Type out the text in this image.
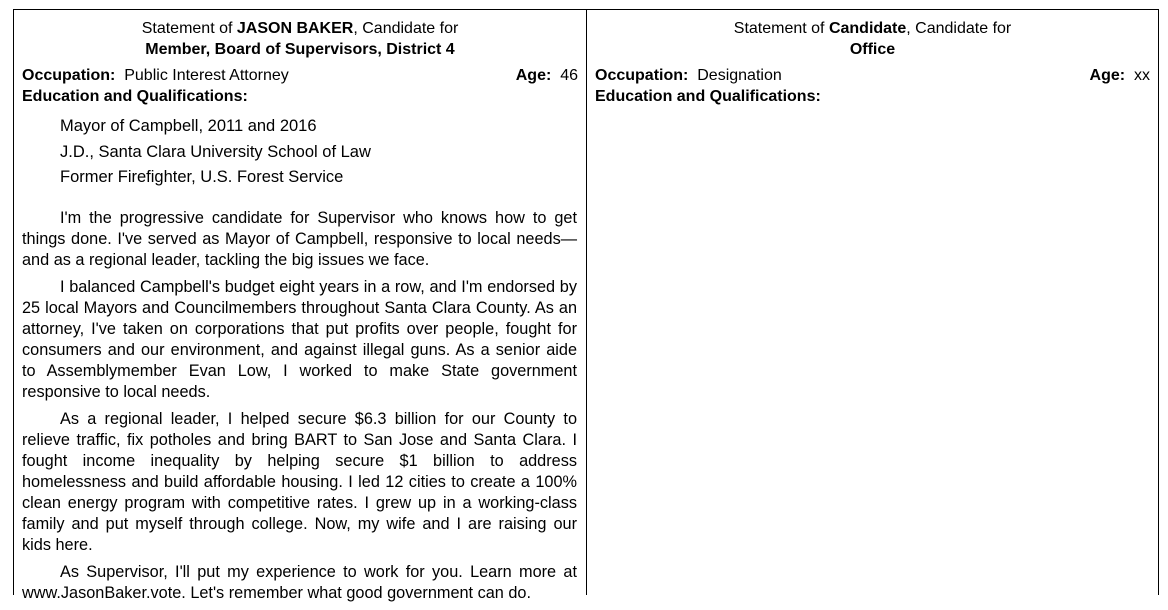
Statement of JASON BAKER, Candidate for
Member, Board of Supervisors, District 4
Occupation: Public Interest Attorney	Age: 46
Education and Qualifications:
Mayor of Campbell, 2011 and 2016
J.D., Santa Clara University School of Law
Former Firefighter, U.S. Forest Service

I'm the progressive candidate for Supervisor who knows how to get things done. I've served as Mayor of Campbell, responsive to local needs—and as a regional leader, tackling the big issues we face.

I balanced Campbell's budget eight years in a row, and I'm endorsed by 25 local Mayors and Councilmembers throughout Santa Clara County. As an attorney, I've taken on corporations that put profits over people, fought for consumers and our environment, and against illegal guns. As a senior aide to Assemblymember Evan Low, I worked to make State government responsive to local needs.

As a regional leader, I helped secure $6.3 billion for our County to relieve traffic, fix potholes and bring BART to San Jose and Santa Clara. I fought income inequality by helping secure $1 billion to address homelessness and build affordable housing. I led 12 cities to create a 100% clean energy program with competitive rates. I grew up in a working-class family and put myself through college. Now, my wife and I are raising our kids here.

As Supervisor, I'll put my experience to work for you. Learn more at www.JasonBaker.vote. Let's remember what good government can do.

Statement of Candidate, Candidate for
Office
Occupation: Designation	Age: xx
Education and Qualifications:
